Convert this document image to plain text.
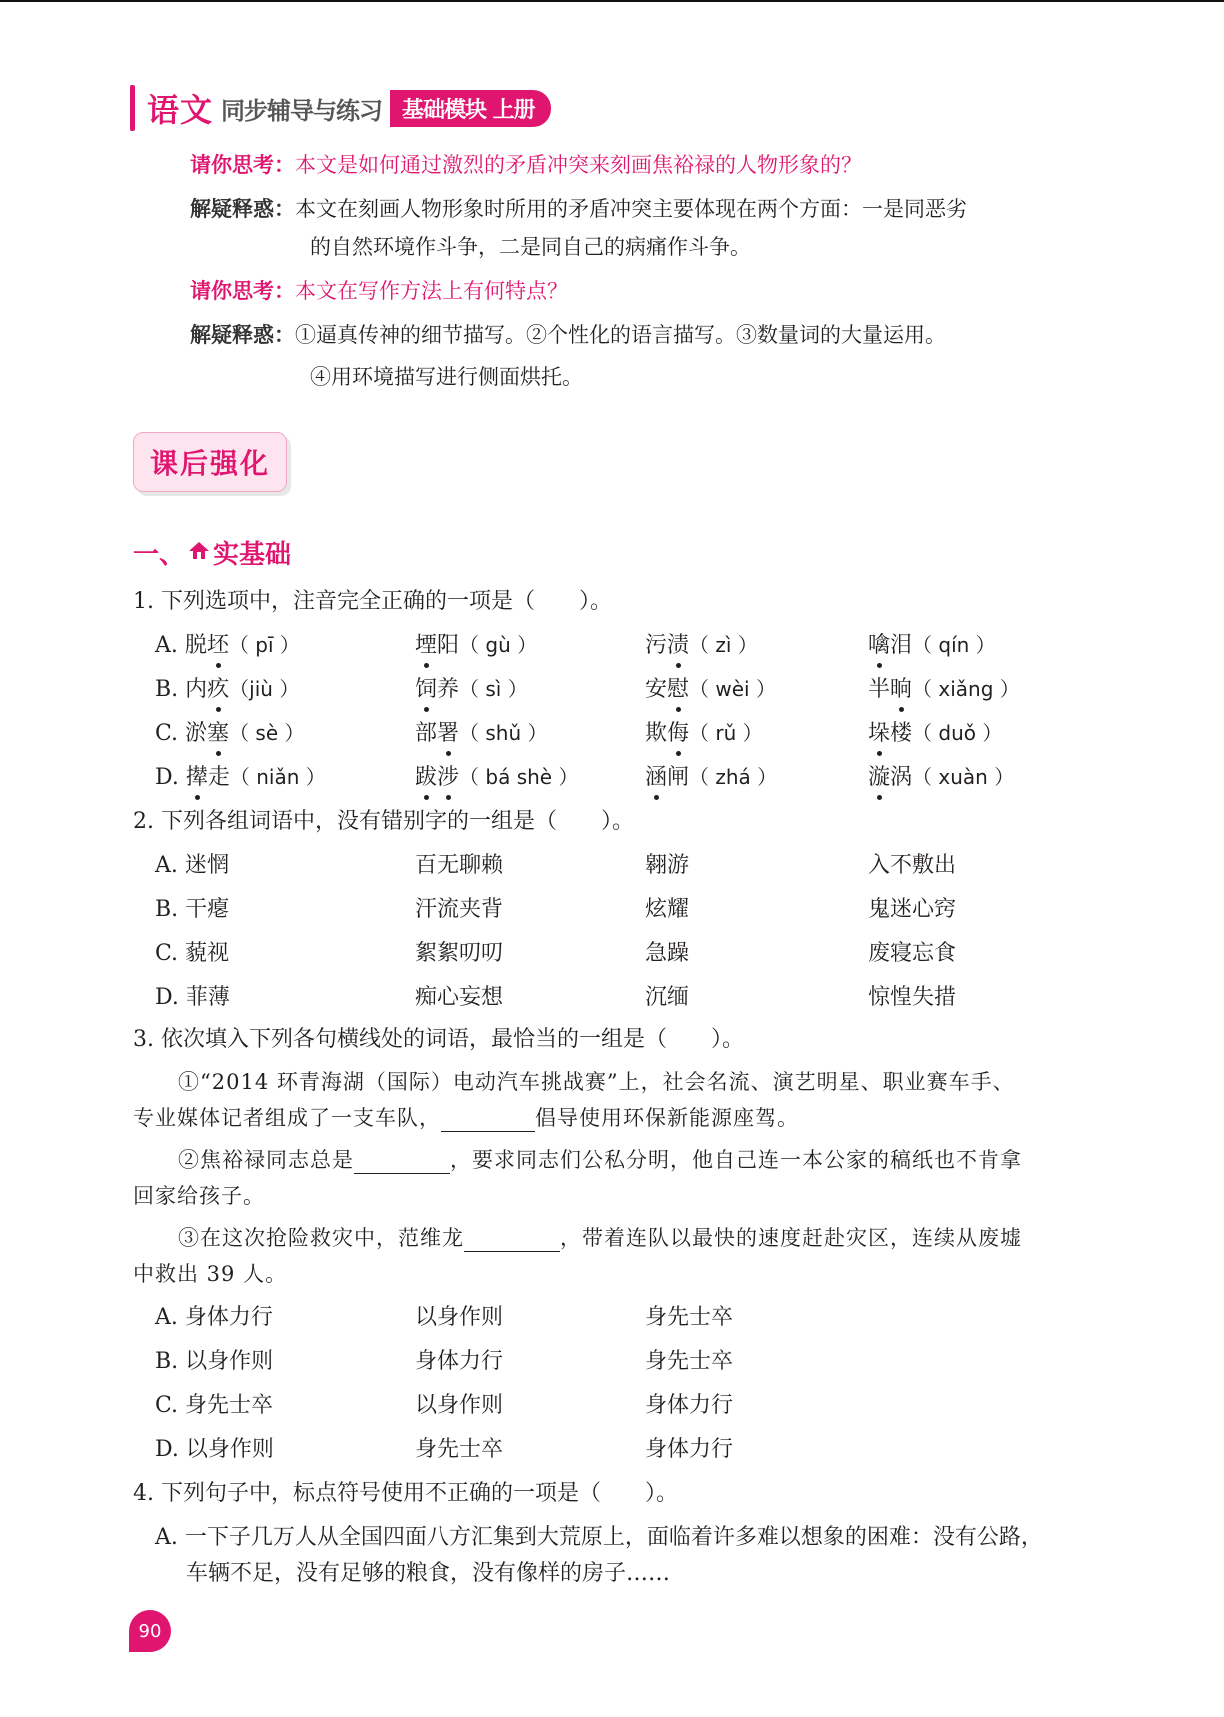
语文 同步辅导与练习 基础模块 上册
请你思考：本文是如何通过激烈的矛盾冲突来刻画焦裕禄的人物形象的？
解疑释惑：本文在刻画人物形象时所用的矛盾冲突主要体现在两个方面：一是同恶劣
的自然环境作斗争，二是同自己的病痛作斗争。
请你思考：本文在写作方法上有何特点？
解疑释惑：①逼真传神的细节描写。②个性化的语言描写。③数量词的大量运用。
④用环境描写进行侧面烘托。
课后强化
一、 实基础
1. 下列选项中，注音完全正确的一项是（　　）。
A. 脱坯（ pī ）	堙阳（ gù ）	污渍（ zì ）	噙泪（ qín ）
B. 内疚（jiù ）	饲养（ sì ）	安慰（ wèi ）	半晌（ xiǎng ）
C. 淤塞（ sè ）	部署（ shǔ ）	欺侮（ rǔ ）	垛楼（ duǒ ）
D. 撵走（ niǎn ）	跋涉（ bá shè ）	涵闸（ zhá ）	漩涡（ xuàn ）
2. 下列各组词语中，没有错别字的一组是（　　）。
A. 迷惘	百无聊赖	翱游	入不敷出
B. 干瘪	汗流夹背	炫耀	鬼迷心窍
C. 藐视	絮絮叨叨	急躁	废寝忘食
D. 菲薄	痴心妄想	沉缅	惊惶失措
3. 依次填入下列各句横线处的词语，最恰当的一组是（　　）。
①“2014 环青海湖（国际）电动汽车挑战赛”上，社会名流、演艺明星、职业赛车手、
专业媒体记者组成了一支车队，	倡导使用环保新能源座驾。
②焦裕禄同志总是	，要求同志们公私分明，他自己连一本公家的稿纸也不肯拿
回家给孩子。
③在这次抢险救灾中，范维龙	，带着连队以最快的速度赶赴灾区，连续从废墟
中救出 39 人。
A. 身体力行	以身作则	身先士卒
B. 以身作则	身体力行	身先士卒
C. 身先士卒	以身作则	身体力行
D. 以身作则	身先士卒	身体力行
4. 下列句子中，标点符号使用不正确的一项是（　　）。
A. 一下子几万人从全国四面八方汇集到大荒原上，面临着许多难以想象的困难：没有公路，
车辆不足，没有足够的粮食，没有像样的房子……
90
